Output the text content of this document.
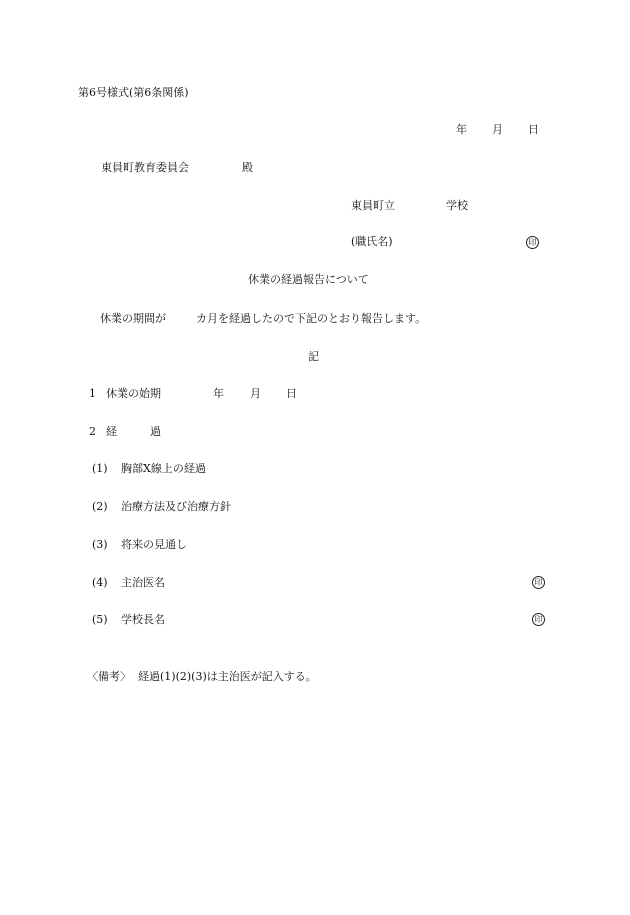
第6号様式(第6条関係)
年 月 日
東員町教育委員会	殿
東員町立	学校
(職氏名)	印
休業の経過報告について
休業の期間が	カ月を経過したので下記のとおり報告します。
記
1 休業の始期	年 月 日
2 経	過
(1) 胸部X線上の経過
(2) 治療方法及び治療方針
(3) 将来の見通し
(4) 主治医名	印
(5) 学校長名	印
〈備考〉 経過(1)(2)(3)は主治医が記入する。
